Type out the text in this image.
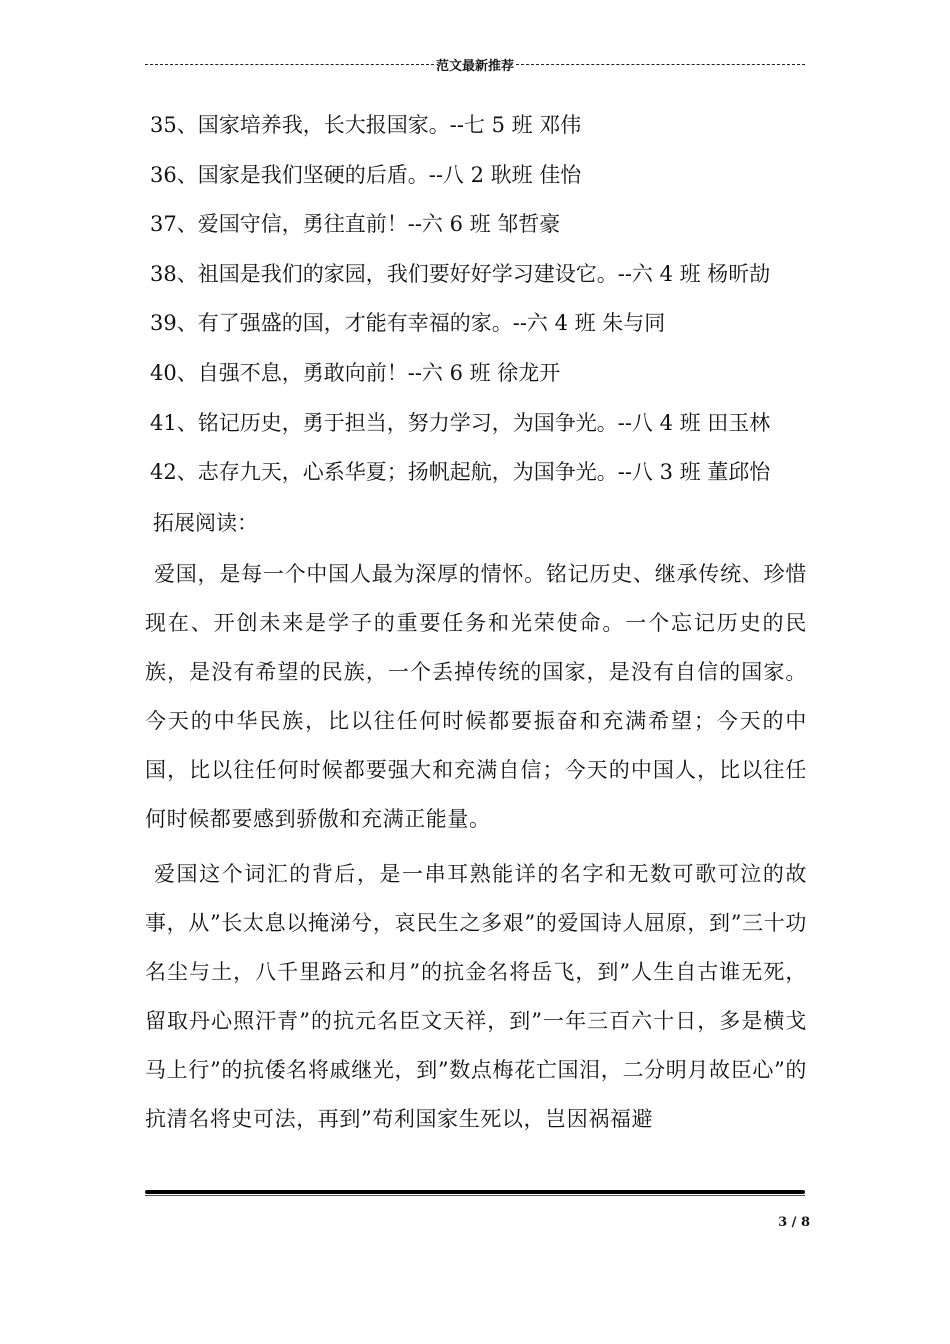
范文最新推荐
35、国家培养我，长大报国家。--七 5 班 邓伟
36、国家是我们坚硬的后盾。--八 2 耿班 佳怡
37、爱国守信，勇往直前！--六 6 班 邹哲豪
38、祖国是我们的家园，我们要好好学习建设它。--六 4 班 杨昕劼
39、有了强盛的国，才能有幸福的家。--六 4 班 朱与同
40、自强不息，勇敢向前！--六 6 班 徐龙开
41、铭记历史，勇于担当，努力学习，为国争光。--八 4 班 田玉林
42、志存九天，心系华夏；扬帆起航，为国争光。--八 3 班 董邱怡
拓展阅读：

爱国，是每一个中国人最为深厚的情怀。铭记历史、继承传统、珍惜现在、开创未来是学子的重要任务和光荣使命。一个忘记历史的民族，是没有希望的民族，一个丢掉传统的国家，是没有自信的国家。今天的中华民族，比以往任何时候都要振奋和充满希望；今天的中国，比以往任何时候都要强大和充满自信；今天的中国人，比以往任何时候都要感到骄傲和充满正能量。

爱国这个词汇的背后，是一串耳熟能详的名字和无数可歌可泣的故事，从”长太息以掩涕兮，哀民生之多艰”的爱国诗人屈原，到”三十功名尘与土，八千里路云和月”的抗金名将岳飞，到”人生自古谁无死，留取丹心照汗青”的抗元名臣文天祥，到”一年三百六十日，多是横戈马上行”的抗倭名将戚继光，到”数点梅花亡国泪，二分明月故臣心”的抗清名将史可法，再到”苟利国家生死以，岂因祸福避

3 / 8
